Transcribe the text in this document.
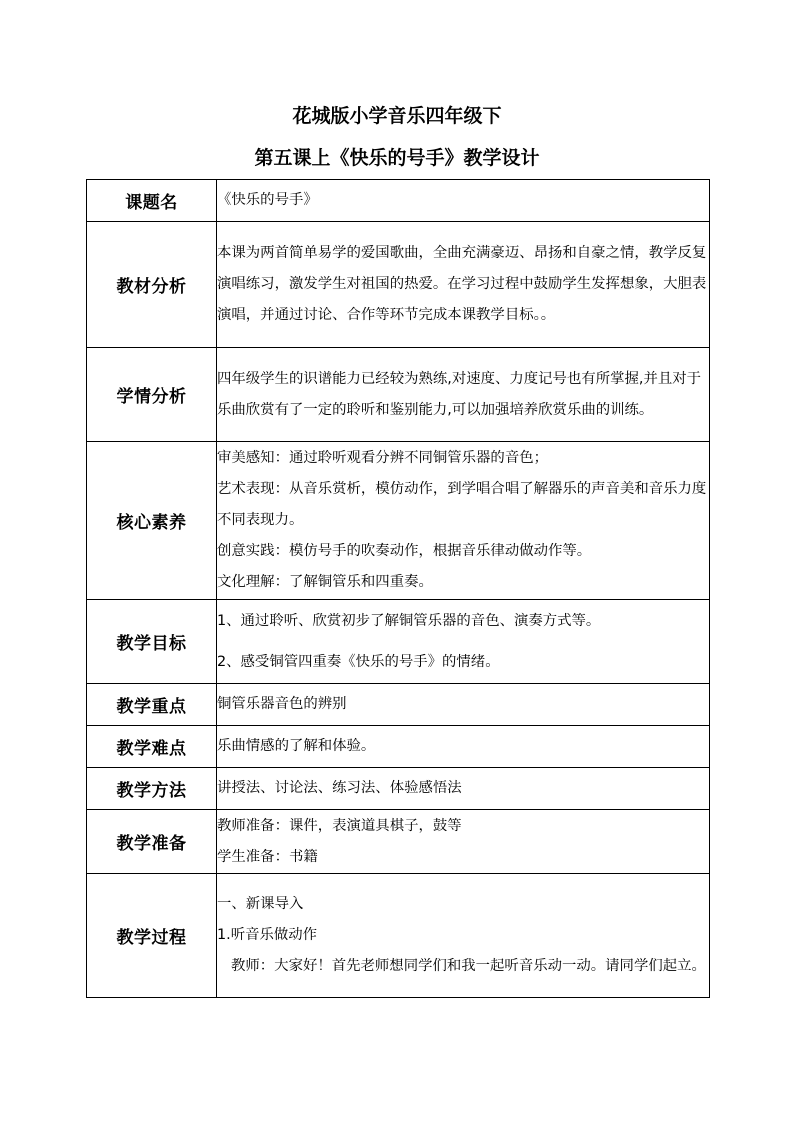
花城版小学音乐四年级下
第五课上《快乐的号手》教学设计
课题名	《快乐的号手》

教材分析	本课为两首简单易学的爱国歌曲，全曲充满豪迈、昂扬和自豪之情，教学反复演唱练习，激发学生对祖国的热爱。在学习过程中鼓励学生发挥想象，大胆表演唱，并通过讨论、合作等环节完成本课教学目标。。

学情分析	四年级学生的识谱能力已经较为熟练,对速度、力度记号也有所掌握,并且对于乐曲欣赏有了一定的聆听和鉴别能力,可以加强培养欣赏乐曲的训练。

核心素养	审美感知：通过聆听观看分辨不同铜管乐器的音色；

艺术表现：从音乐赏析，模仿动作，到学唱合唱了解器乐的声音美和音乐力度不同表现力。

创意实践：模仿号手的吹奏动作，根据音乐律动做动作等。

文化理解：了解铜管乐和四重奏。

教学目标	1、通过聆听、欣赏初步了解铜管乐器的音色、演奏方式等。

2、感受铜管四重奏《快乐的号手》的情绪。

教学重点	铜管乐器音色的辨别

教学难点	乐曲情感的了解和体验。

教学方法	讲授法、讨论法、练习法、体验感悟法

教学准备	教师准备：课件，表演道具棋子，鼓等

学生准备：书籍

教学过程	一、新课导入

1.听音乐做动作

教师：大家好！首先老师想同学们和我一起听音乐动一动。请同学们起立。
